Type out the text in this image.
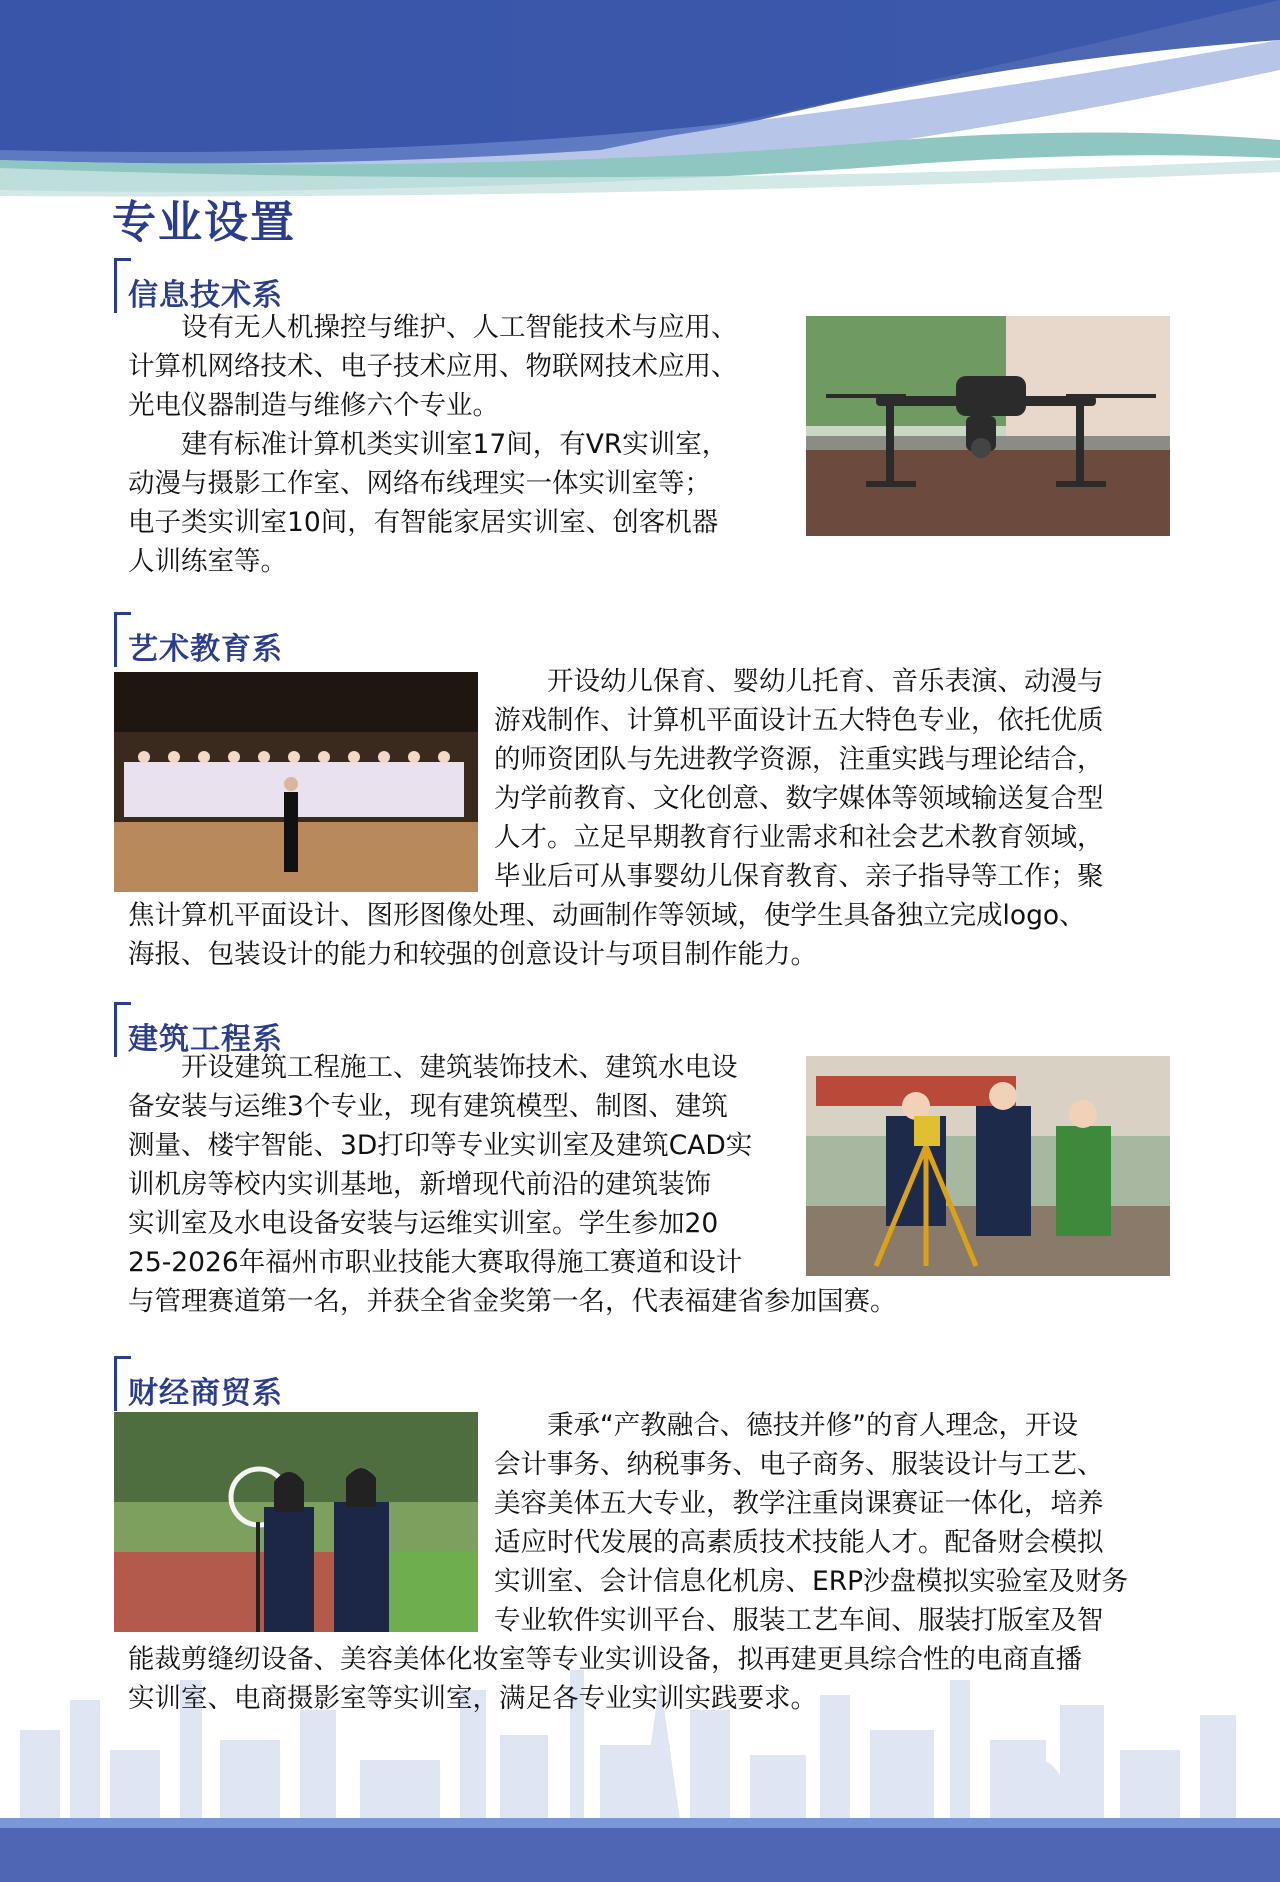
专业设置
信息技术系
　　设有无人机操控与维护、人工智能技术与应用、
计算机网络技术、电子技术应用、物联网技术应用、
光电仪器制造与维修六个专业。
　　建有标准计算机类实训室17间，有VR实训室，
动漫与摄影工作室、网络布线理实一体实训室等；
电子类实训室10间，有智能家居实训室、创客机器
人训练室等。
艺术教育系
　　开设幼儿保育、婴幼儿托育、音乐表演、动漫与
游戏制作、计算机平面设计五大特色专业，依托优质
的师资团队与先进教学资源，注重实践与理论结合，
为学前教育、文化创意、数字媒体等领域输送复合型
人才。立足早期教育行业需求和社会艺术教育领域，
毕业后可从事婴幼儿保育教育、亲子指导等工作；聚
焦计算机平面设计、图形图像处理、动画制作等领域，使学生具备独立完成logo、
海报、包装设计的能力和较强的创意设计与项目制作能力。
建筑工程系
　　开设建筑工程施工、建筑装饰技术、建筑水电设
备安装与运维3个专业，现有建筑模型、制图、建筑
测量、楼宇智能、3D打印等专业实训室及建筑CAD实
训机房等校内实训基地，新增现代前沿的建筑装饰
实训室及水电设备安装与运维实训室。学生参加20
25-2026年福州市职业技能大赛取得施工赛道和设计
与管理赛道第一名，并获全省金奖第一名，代表福建省参加国赛。
财经商贸系
　　秉承“产教融合、德技并修”的育人理念，开设
会计事务、纳税事务、电子商务、服装设计与工艺、
美容美体五大专业，教学注重岗课赛证一体化，培养
适应时代发展的高素质技术技能人才。配备财会模拟
实训室、会计信息化机房、ERP沙盘模拟实验室及财务
专业软件实训平台、服装工艺车间、服装打版室及智
能裁剪缝纫设备、美容美体化妆室等专业实训设备，拟再建更具综合性的电商直播
实训室、电商摄影室等实训室，满足各专业实训实践要求。
